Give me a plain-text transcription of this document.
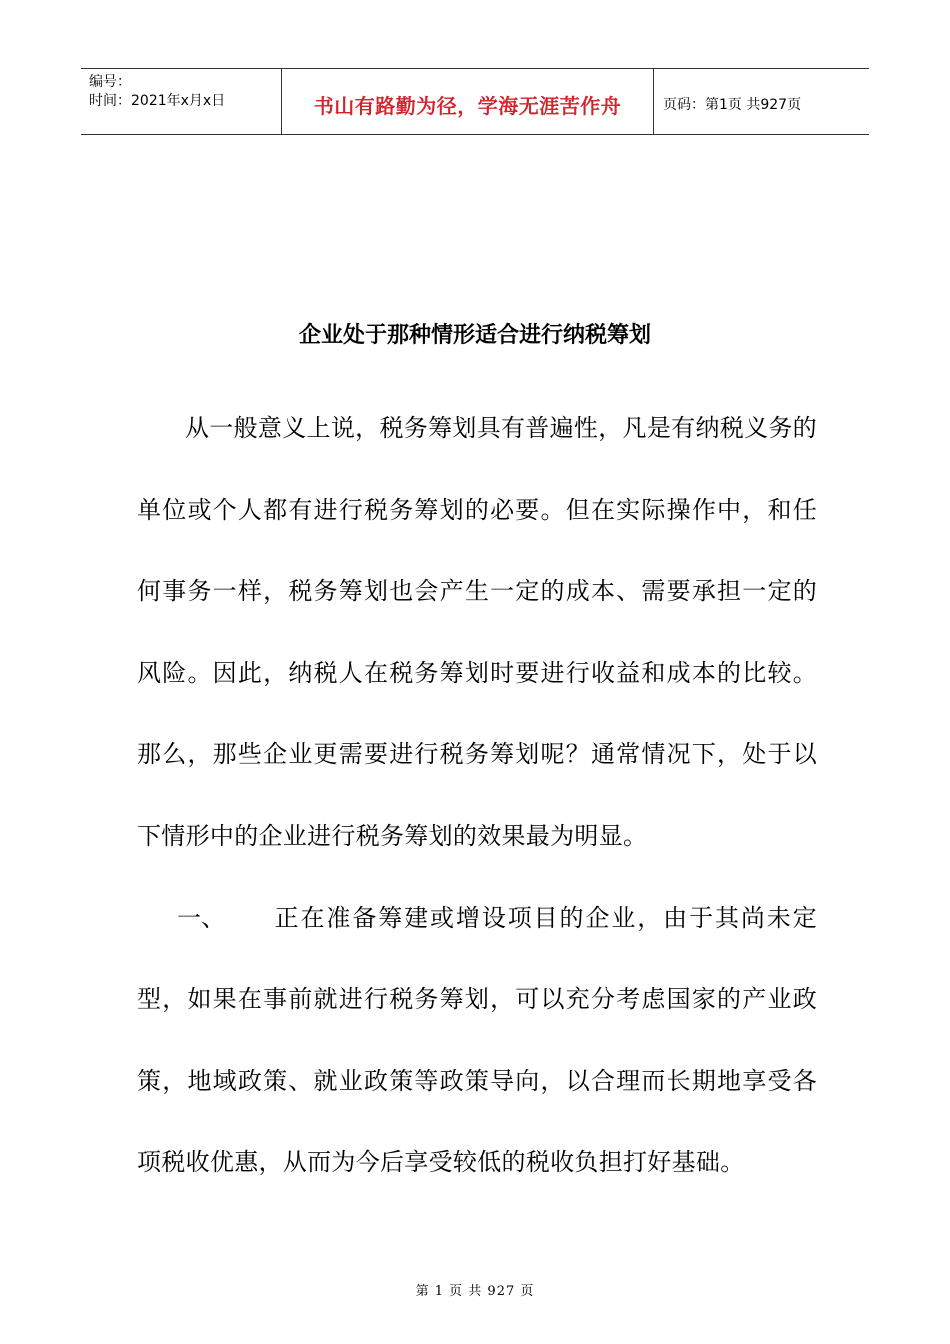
编号：
时间：2021年x月x日	书山有路勤为径，学海无涯苦作舟	页码：第1页 共927页
企业处于那种情形适合进行纳税筹划

从一般意义上说，税务筹划具有普遍性，凡是有纳税义务的单位或个人都有进行税务筹划的必要。但在实际操作中，和任何事务一样，税务筹划也会产生一定的成本、需要承担一定的风险。因此，纳税人在税务筹划时要进行收益和成本的比较。那么，那些企业更需要进行税务筹划呢？通常情况下，处于以下情形中的企业进行税务筹划的效果最为明显。

一、 正在准备筹建或增设项目的企业，由于其尚未定型，如果在事前就进行税务筹划，可以充分考虑国家的产业政策，地域政策、就业政策等政策导向，以合理而长期地享受各项税收优惠，从而为今后享受较低的税收负担打好基础。

第 1 页 共 927 页
